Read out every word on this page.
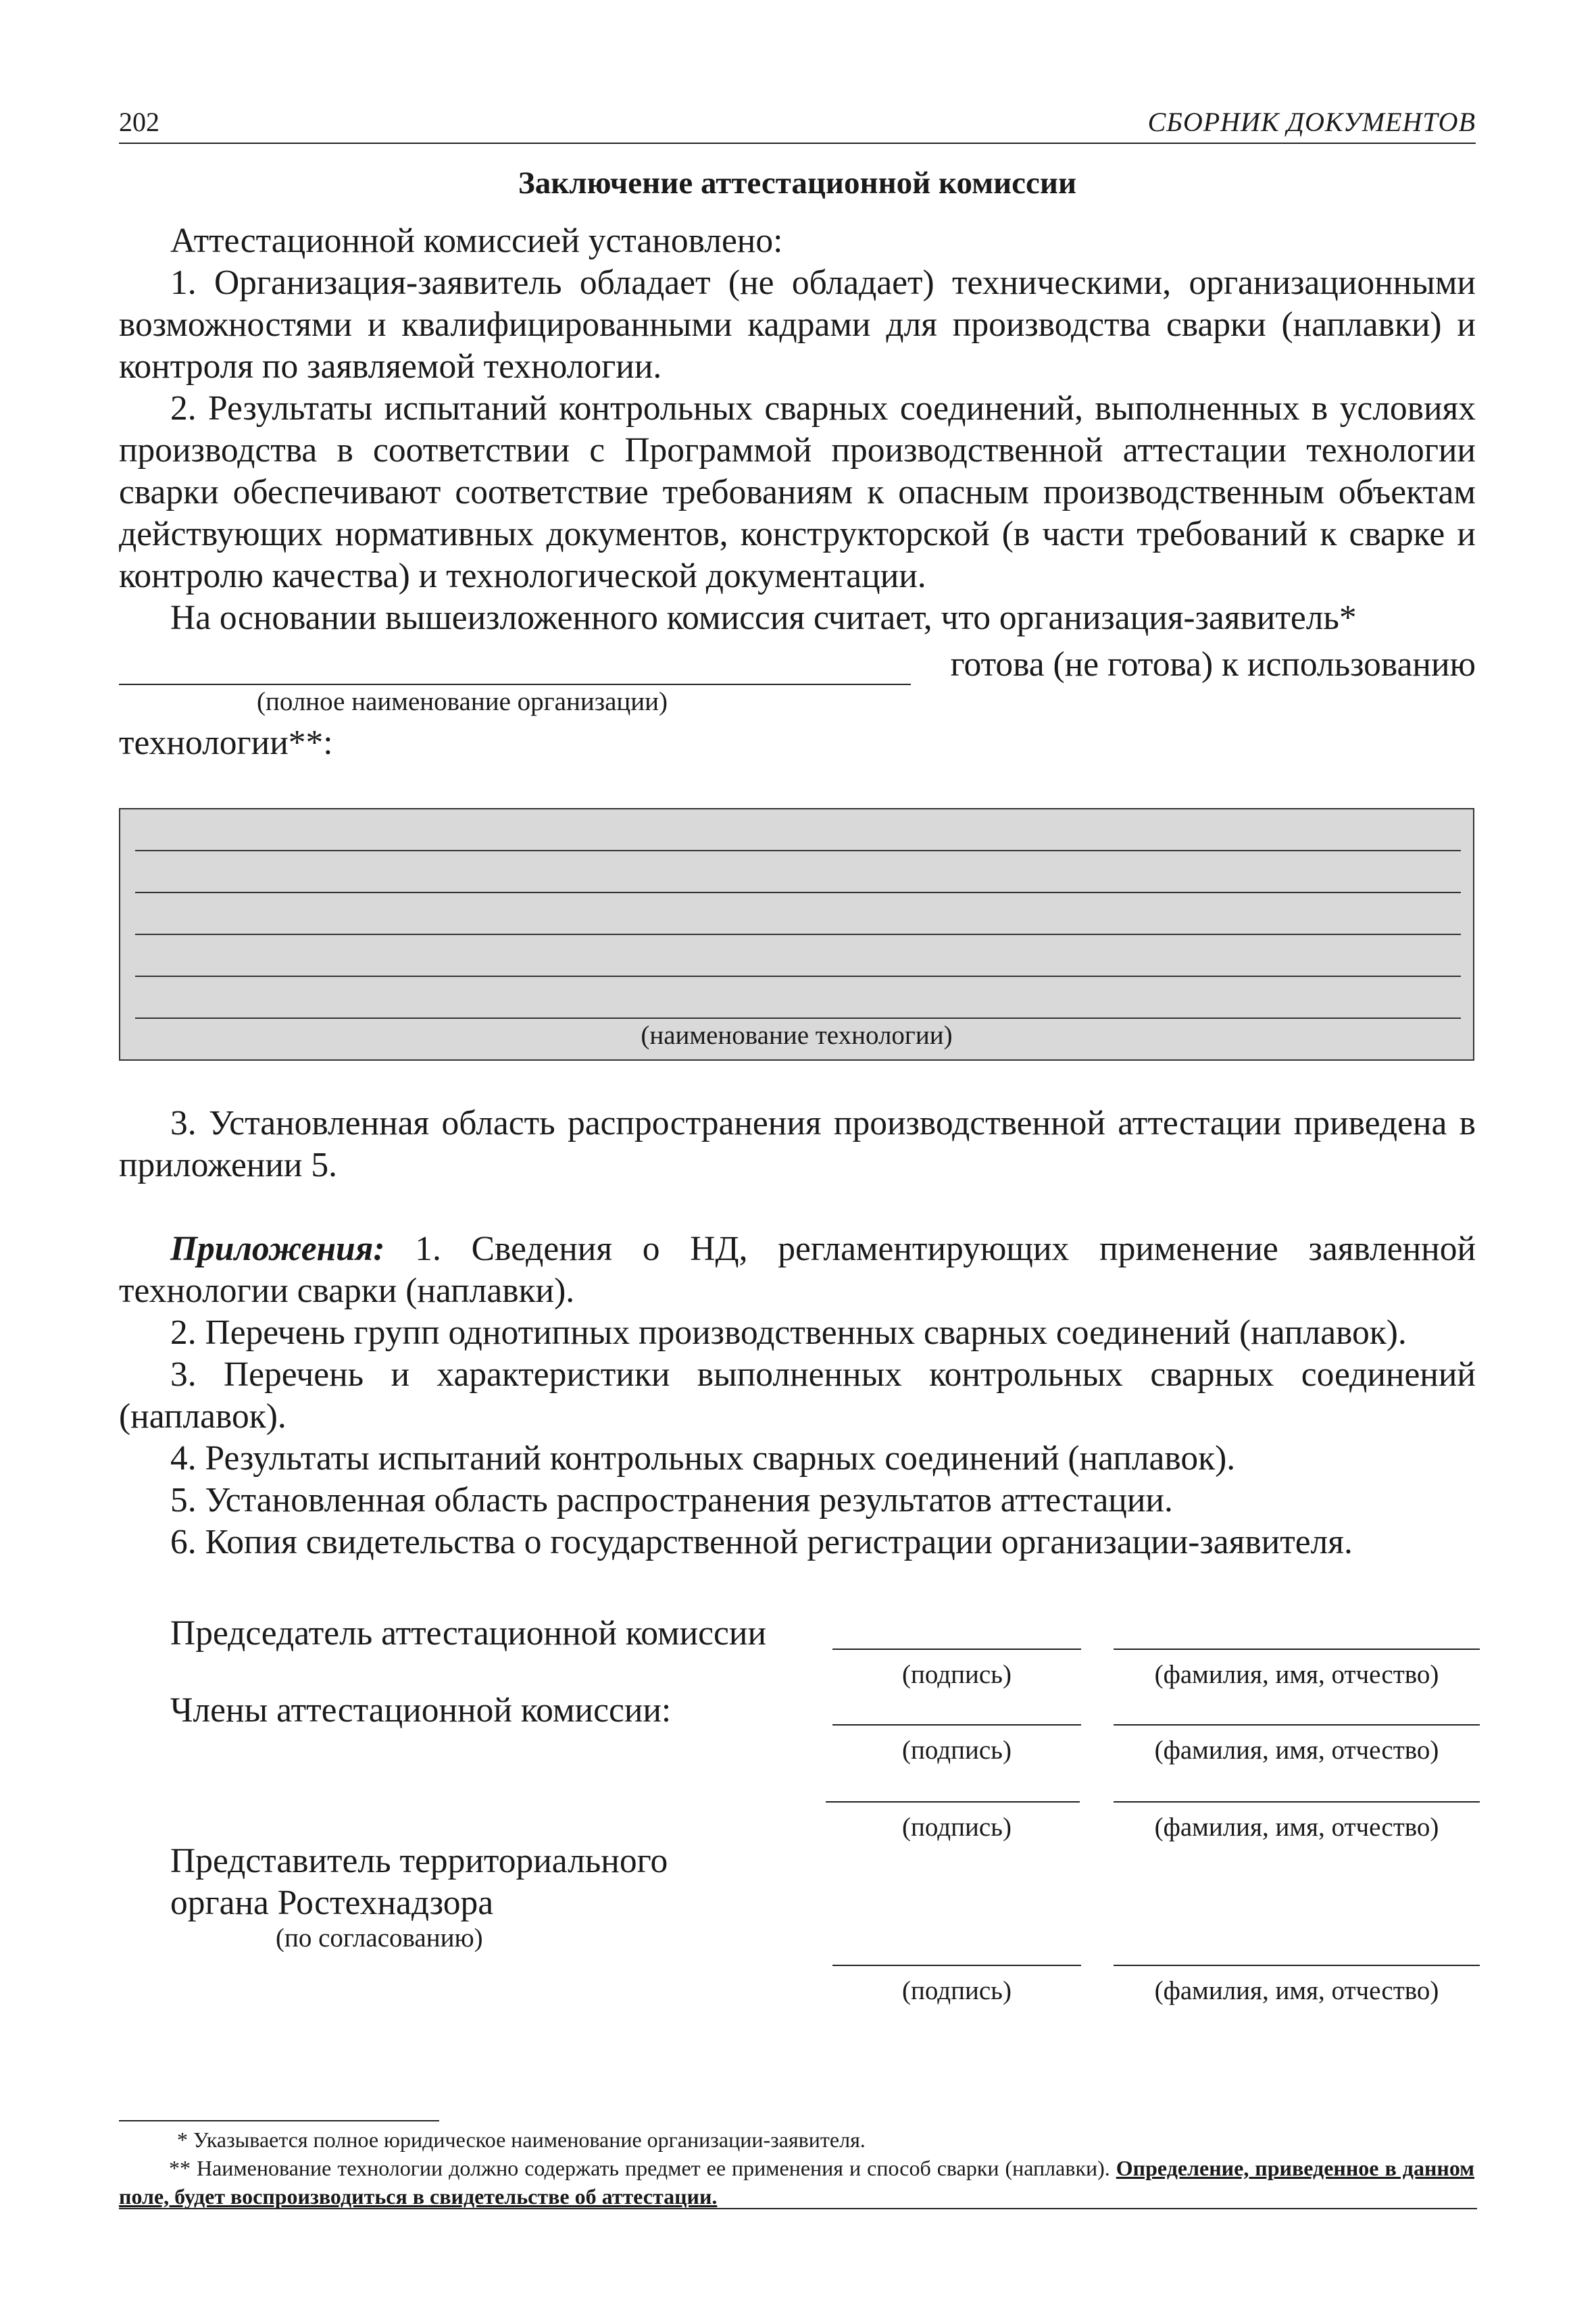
202	СБОРНИК ДОКУМЕНТОВ
Заключение аттестационной комиссии

Аттестационной комиссией установлено:

1. Организация-заявитель обладает (не обладает) техническими, организационными возможностями и квалифицированными кадрами для производства сварки (наплавки) и контроля по заявляемой технологии.

2. Результаты испытаний контрольных сварных соединений, выполненных в условиях производства в соответствии с Программой производственной аттестации технологии сварки обеспечивают соответствие требованиям к опасным производственным объектам действующих нормативных документов, конструкторской (в части требований к сварке и контролю качества) и технологической документации.

На основании вышеизложенного комиссия считает, что организация-заявитель*

готова (не готова) к использованию
(полное наименование организации)
технологии**:
(наименование технологии)

3. Установленная область распространения производственной аттестации приведена в приложении 5.

Приложения: 1. Сведения о НД, регламентирующих применение заявленной технологии сварки (наплавки).

2. Перечень групп однотипных производственных сварных соединений (наплавок).

3. Перечень и характеристики выполненных контрольных сварных соединений (наплавок).

4. Результаты испытаний контрольных сварных соединений (наплавок).

5. Установленная область распространения результатов аттестации.

6. Копия свидетельства о государственной регистрации организации-заявителя.

Председатель аттестационной комиссии
(подпись)	(фамилия, имя, отчество)
Члены аттестационной комиссии:
(подпись)	(фамилия, имя, отчество)
(подпись)	(фамилия, имя, отчество)
Представитель территориального
органа Ростехнадзора
(по согласованию)
(подпись)	(фамилия, имя, отчество)

* Указывается полное юридическое наименование организации-заявителя.

** Наименование технологии должно содержать предмет ее применения и способ сварки (наплавки). Определение, приведенное в данном поле, будет воспроизводиться в свидетельстве об аттестации.
